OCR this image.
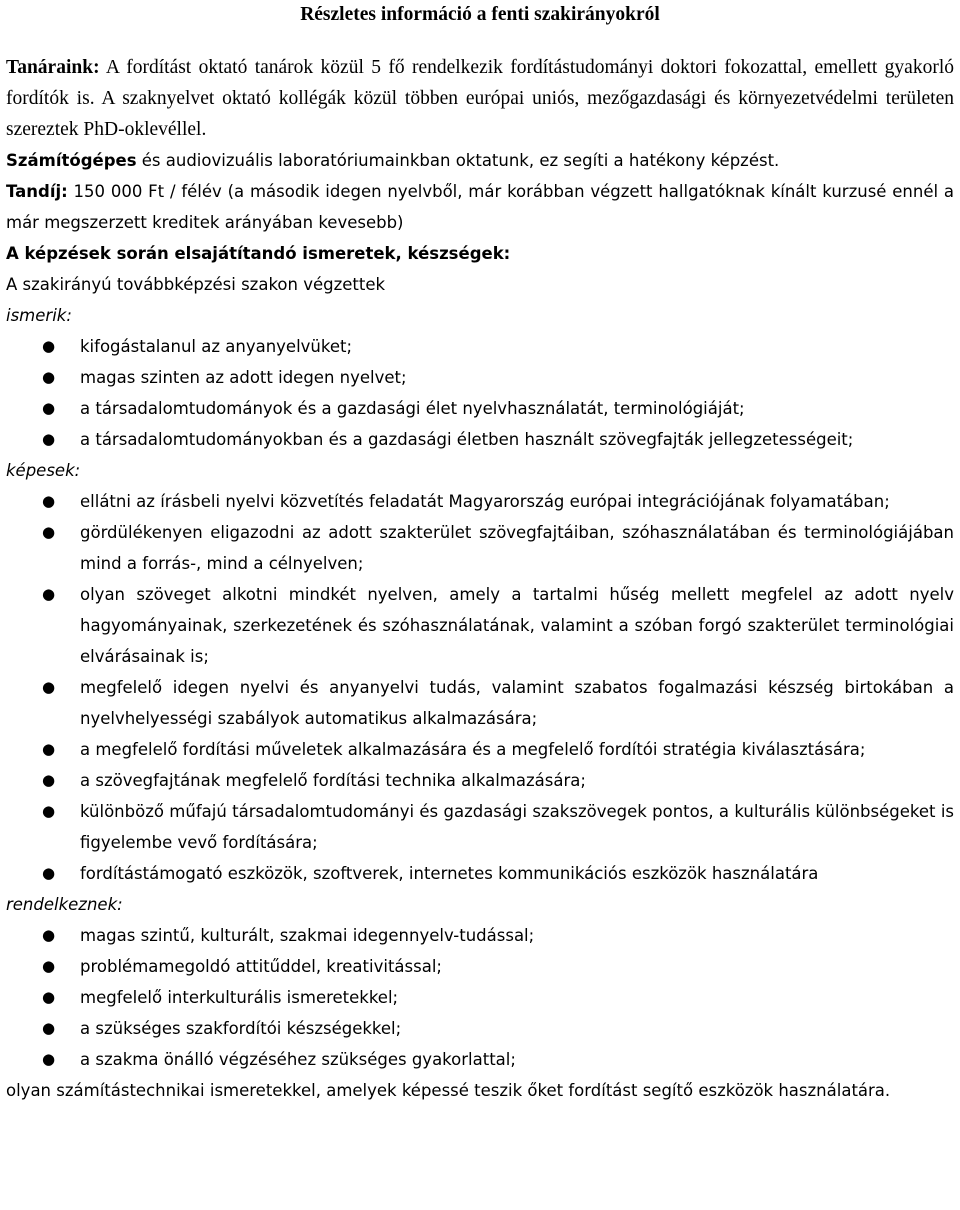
Részletes információ a fenti szakirányokról

Tanáraink: A fordítást oktató tanárok közül 5 fő rendelkezik fordítástudományi doktori fokozattal, emellett gyakorló fordítók is. A szaknyelvet oktató kollégák közül többen európai uniós, mezőgazdasági és környezetvédelmi területen szereztek PhD-oklevéllel.

Számítógépes és audiovizuális laboratóriumainkban oktatunk, ez segíti a hatékony képzést.

Tandíj: 150 000 Ft / félév (a második idegen nyelvből, már korábban végzett hallgatóknak kínált kurzusé ennél a már megszerzett kreditek arányában kevesebb)

A képzések során elsajátítandó ismeretek, készségek:

A szakirányú továbbképzési szakon végzettek

ismerik:

● kifogástalanul az anyanyelvüket;
● magas szinten az adott idegen nyelvet;
● a társadalomtudományok és a gazdasági élet nyelvhasználatát, terminológiáját;
● a társadalomtudományokban és a gazdasági életben használt szövegfajták jellegzetességeit;

képesek:

● ellátni az írásbeli nyelvi közvetítés feladatát Magyarország európai integrációjának folyamatában;
● gördülékenyen eligazodni az adott szakterület szövegfajtáiban, szóhasználatában és terminológiájában mind a forrás-, mind a célnyelven;
● olyan szöveget alkotni mindkét nyelven, amely a tartalmi hűség mellett megfelel az adott nyelv hagyományainak, szerkezetének és szóhasználatának, valamint a szóban forgó szakterület terminológiai elvárásainak is;
● megfelelő idegen nyelvi és anyanyelvi tudás, valamint szabatos fogalmazási készség birtokában a nyelvhelyességi szabályok automatikus alkalmazására;
● a megfelelő fordítási műveletek alkalmazására és a megfelelő fordítói stratégia kiválasztására;
● a szövegfajtának megfelelő fordítási technika alkalmazására;
● különböző műfajú társadalomtudományi és gazdasági szakszövegek pontos, a kulturális különbségeket is figyelembe vevő fordítására;
● fordítástámogató eszközök, szoftverek, internetes kommunikációs eszközök használatára

rendelkeznek:

● magas szintű, kulturált, szakmai idegennyelv-tudással;
● problémamegoldó attitűddel, kreativitással;
● megfelelő interkulturális ismeretekkel;
● a szükséges szakfordítói készségekkel;
● a szakma önálló végzéséhez szükséges gyakorlattal;

olyan számítástechnikai ismeretekkel, amelyek képessé teszik őket fordítást segítő eszközök használatára.
